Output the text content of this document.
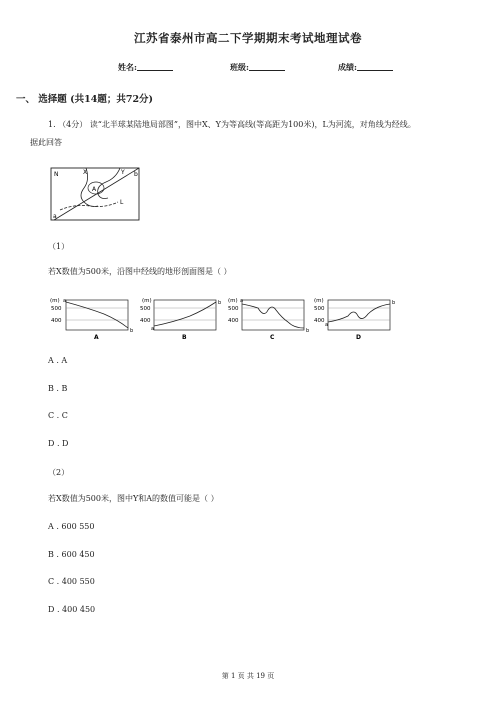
江苏省泰州市高二下学期期末考试地理试卷
姓名:	班级:	成绩:
一、 选择题 (共14题；共72分)
1. （4分） 读“北半球某陆地局部图”，图中X、Y为等高线(等高距为100米)，L为河流，对角线为经线。
据此回答
N	X	Y
A
L
a
b
（1）
若X数值为500米，沿图中经线的地形剖面图是（ ）
(m)
500
400
a
b
A
(m)
500
400
a
b
B
(m)
500
400
a
b
C
(m)
500
400
a
b
D
A . A
B . B
C . C
D . D
（2）
若X数值为500米，图中Y和A的数值可能是（ ）
A . 600 550
B . 600 450
C . 400 550
D . 400 450
第 1 页 共 19 页
